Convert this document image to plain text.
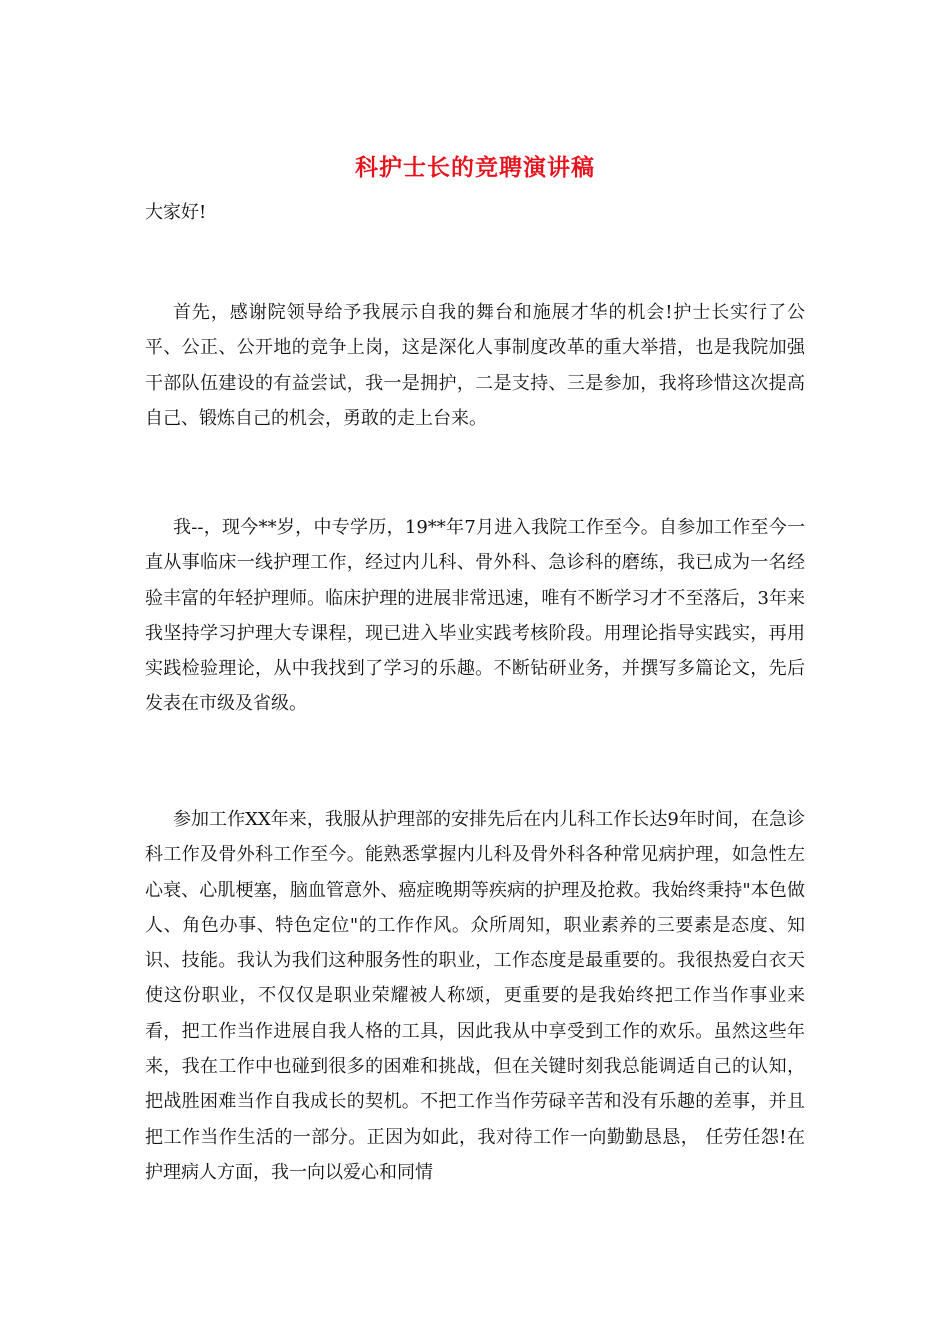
科护士长的竞聘演讲稿
大家好!

首先，感谢院领导给予我展示自我的舞台和施展才华的机会!护士长实行了公平、公正、公开地的竞争上岗，这是深化人事制度改革的重大举措，也是我院加强干部队伍建设的有益尝试，我一是拥护，二是支持、三是参加，我将珍惜这次提高自己、锻炼自己的机会，勇敢的走上台来。

我--，现今**岁，中专学历，19**年7月进入我院工作至今。自参加工作至今一直从事临床一线护理工作，经过内儿科、骨外科、急诊科的磨练，我已成为一名经验丰富的年轻护理师。临床护理的进展非常迅速，唯有不断学习才不至落后，3年来我坚持学习护理大专课程，现已进入毕业实践考核阶段。用理论指导实践实，再用实践检验理论，从中我找到了学习的乐趣。不断钻研业务，并撰写多篇论文，先后发表在市级及省级。

参加工作XX年来，我服从护理部的安排先后在内儿科工作长达9年时间，在急诊科工作及骨外科工作至今。能熟悉掌握内儿科及骨外科各种常见病护理，如急性左心衰、心肌梗塞，脑血管意外、癌症晚期等疾病的护理及抢救。我始终秉持"本色做人、角色办事、特色定位"的工作作风。众所周知，职业素养的三要素是态度、知识、技能。我认为我们这种服务性的职业，工作态度是最重要的。我很热爱白衣天使这份职业，不仅仅是职业荣耀被人称颂，更重要的是我始终把工作当作事业来看，把工作当作进展自我人格的工具，因此我从中享受到工作的欢乐。虽然这些年来，我在工作中也碰到很多的困难和挑战，但在关键时刻我总能调适自己的认知，把战胜困难当作自我成长的契机。不把工作当作劳碌辛苦和没有乐趣的差事，并且把工作当作生活的一部分。正因为如此，我对待工作一向勤勤恳恳， 任劳任怨!在护理病人方面，我一向以爱心和同情
